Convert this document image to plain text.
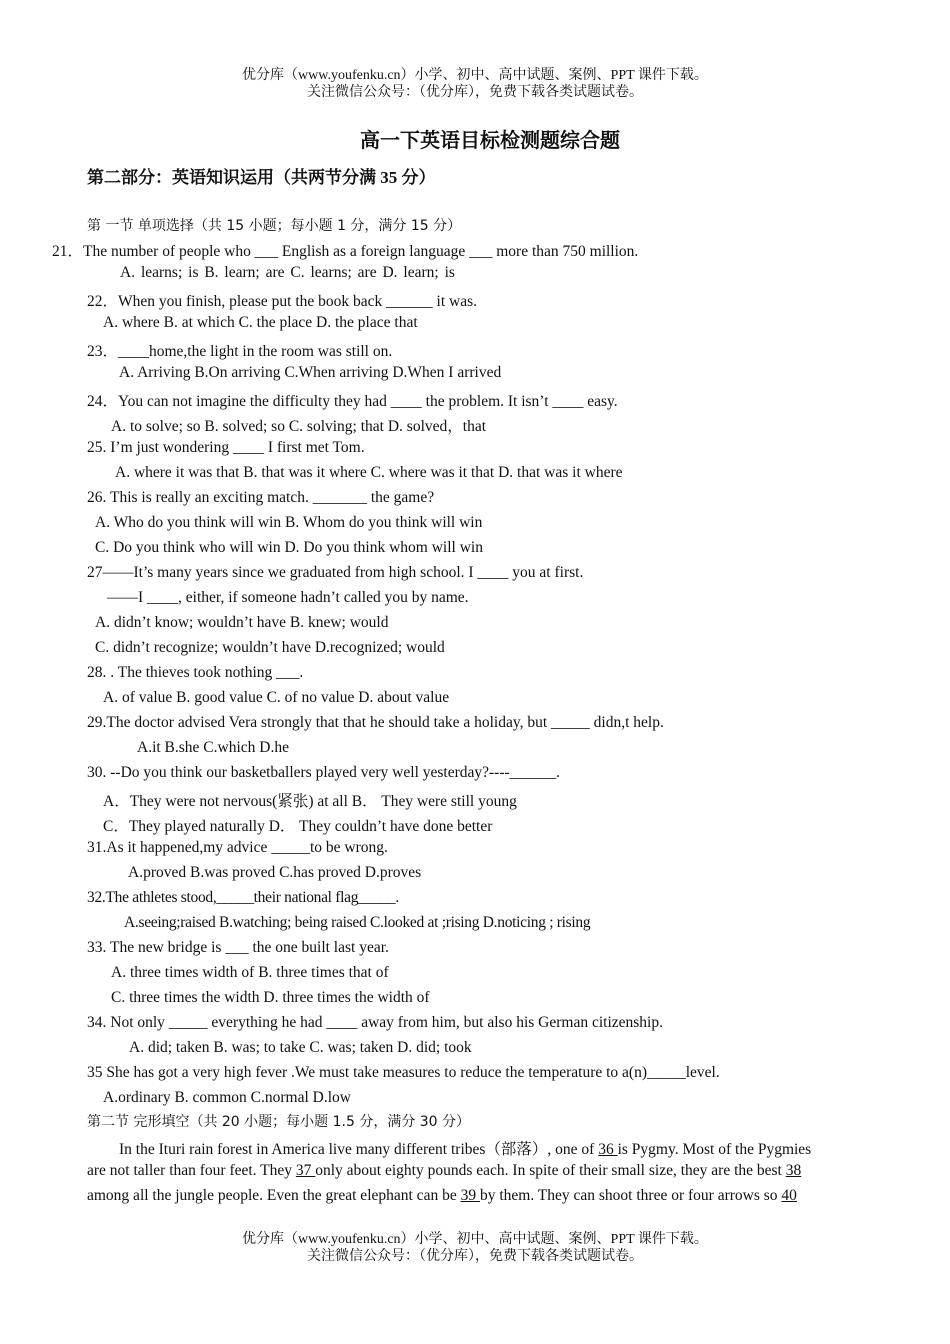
优分库（www.youfenku.cn）小学、初中、高中试题、案例、PPT 课件下载。
关注微信公众号：（优分库），免费下载各类试题试卷。
高一下英语目标检测题综合题
第二部分：英语知识运用（共两节分满 35 分）
第 一节 单项选择（共 15 小题；每小题 1 分，满分 15 分）
21．The number of people who ___ English as a foreign language ___ more than 750 million.
A. learns; is B. learn; are C. learns; are D. learn; is
22．When you finish, please put the book back ______ it was.
A. where B. at which C. the place D. the place that
23．____home,the light in the room was still on.
A. Arriving B.On arriving C.When arriving D.When I arrived
24．You can not imagine the difficulty they had ____ the problem. It isn’t ____ easy.
A. to solve; so B. solved; so C. solving; that D. solved，that
25. I’m just wondering ____ I first met Tom.
A. where it was that B. that was it where C. where was it that D. that was it where
26. This is really an exciting match. _______ the game?
A. Who do you think will win B. Whom do you think will win
C. Do you think who will win D. Do you think whom will win
27——It’s many years since we graduated from high school. I ____ you at first.
——I ____, either, if someone hadn’t called you by name.
A. didn’t know; wouldn’t have B. knew; would
C. didn’t recognize; wouldn’t have D.recognized; would
28. . The thieves took nothing ___.
A. of value B. good value C. of no value D. about value
29.The doctor advised Vera strongly that that he should take a holiday, but _____ didn,t help.
A.it B.she C.which D.he
30. --Do you think our basketballers played very well yesterday?----______.
A．They were not nervous(紧张) at all B． They were still young
C．They played naturally D． They couldn’t have done better
31.As it happened,my advice _____to be wrong.
A.proved B.was proved C.has proved D.proves
32.The athletes stood,_____their national flag_____.
A.seeing;raised B.watching; being raised C.looked at ;rising D.noticing ; rising
33. The new bridge is ___ the one built last year.
A. three times width of B. three times that of
C. three times the width D. three times the width of
34. Not only _____ everything he had ____ away from him, but also his German citizenship.
A. did; taken B. was; to take C. was; taken D. did; took
35 She has got a very high fever .We must take measures to reduce the temperature to a(n)_____level.
A.ordinary B. common C.normal D.low
第二节 完形填空（共 20 小题；每小题 1.5 分，满分 30 分）
In the Ituri rain forest in America live many different tribes（部落）, one of 36 is Pygmy. Most of the Pygmies
are not taller than four feet. They 37 only about eighty pounds each. In spite of their small size, they are the best 38
among all the jungle people. Even the great elephant can be 39 by them. They can shoot three or four arrows so 40
优分库（www.youfenku.cn）小学、初中、高中试题、案例、PPT 课件下载。
关注微信公众号：（优分库），免费下载各类试题试卷。
